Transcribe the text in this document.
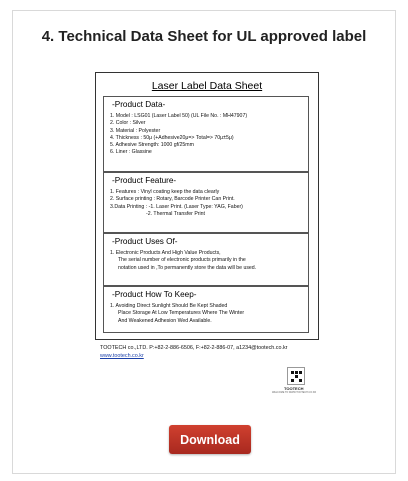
4. Technical Data Sheet for UL approved label
Laser Label Data Sheet
-Product Data-
1. Model : LSG01 (Laser Label 50) (UL File No. : MH47907)
2. Color : Silver
3. Material : Polyester
4. Thickness : 50μ (+Adhesive20μ=> Total=> 70μ±5μ)
5. Adhesive Strength: 1000 gf/25mm
6. Liner : Glassine
-Product Feature-
1. Features : Vinyl coating keep the data clearly
2. Surface printing : Rotary, Barcode Printer Can Print.
3.Data Printing : -1. Laser Print. (Laser Type: YAG, Faber)
-2. Thermal Transfer Print
-Product Uses Of-
1. Electronic Products And High Value Products,
The serial number of electronic products primarily in the
notation used in ,To permanently store the data will be used.
-Product How To Keep-
1. Avoiding Direct Sunlight Should Be Kept Shaded
Place Storage At Low Temperatures Where The Winter
And Weakened Adhesion Wed Available.
TOOTECH co.,LTD. P:+82-2-886-6506, F:+82-2-886-07, a1234@tootech.co.kr
www.tootech.co.kr
TOOTECH
WELCOME TO WWW.TOOTECH.CO.KR
Download
